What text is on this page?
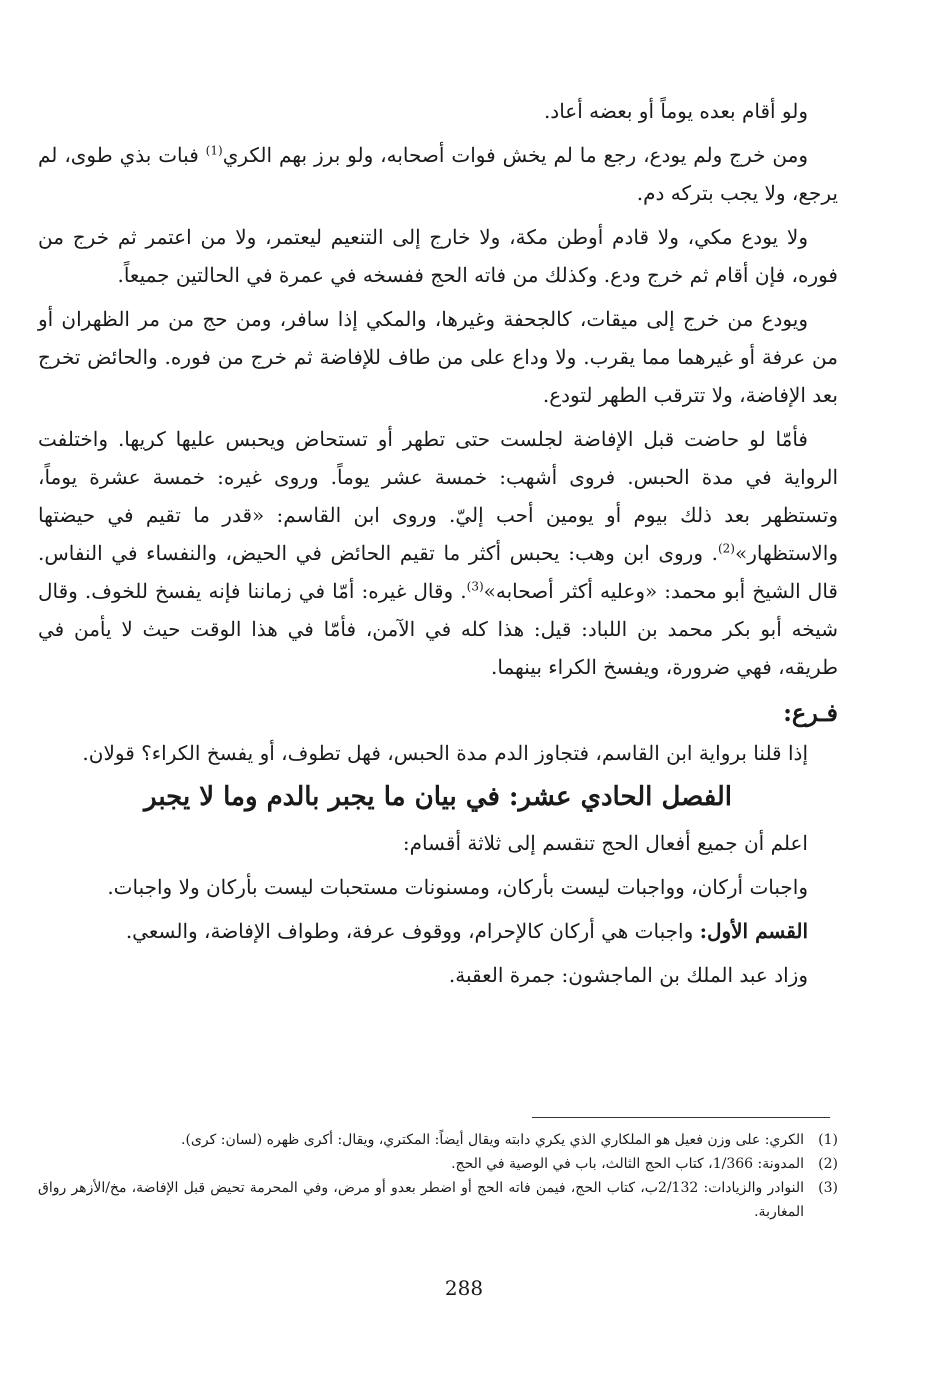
ولو أقام بعده يوماً أو بعضه أعاد.

ومن خرج ولم يودع، رجع ما لم يخش فوات أصحابه، ولو برز بهم الكري$^{(1)}$ فبات بذي طوى، لم يرجع، ولا يجب بتركه دم.

ولا يودع مكي، ولا قادم أوطن مكة، ولا خارج إلى التنعيم ليعتمر، ولا من اعتمر ثم خرج من فوره، فإن أقام ثم خرج ودع. وكذلك من فاته الحج ففسخه في عمرة في الحالتين جميعاً.

ويودع من خرج إلى ميقات، كالجحفة وغيرها، والمكي إذا سافر، ومن حج من مر الظهران أو من عرفة أو غيرهما مما يقرب. ولا وداع على من طاف للإفاضة ثم خرج من فوره. والحائض تخرج بعد الإفاضة، ولا تترقب الطهر لتودع.

فأمّا لو حاضت قبل الإفاضة لجلست حتى تطهر أو تستحاض ويحبس عليها كريها. واختلفت الرواية في مدة الحبس. فروى أشهب: خمسة عشر يوماً. وروى غيره: خمسة عشرة يوماً، وتستظهر بعد ذلك بيوم أو يومين أحب إليّ. وروى ابن القاسم: «قدر ما تقيم في حيضتها والاستظهار»$^{(2)}$. وروى ابن وهب: يحبس أكثر ما تقيم الحائض في الحيض، والنفساء في النفاس. قال الشيخ أبو محمد: «وعليه أكثر أصحابه»$^{(3)}$. وقال غيره: أمّا في زماننا فإنه يفسخ للخوف. وقال شيخه أبو بكر محمد بن اللباد: قيل: هذا كله في الآمن، فأمّا في هذا الوقت حيث لا يأمن في طريقه، فهي ضرورة، ويفسخ الكراء بينهما.

فـرع:

إذا قلنا برواية ابن القاسم، فتجاوز الدم مدة الحبس، فهل تطوف، أو يفسخ الكراء؟ قولان.

الفصل الحادي عشر: في بيان ما يجبر بالدم وما لا يجبر

اعلم أن جميع أفعال الحج تنقسم إلى ثلاثة أقسام:

واجبات أركان، وواجبات ليست بأركان، ومسنونات مستحبات ليست بأركان ولا واجبات.

القسم الأول: واجبات هي أركان كالإحرام، ووقوف عرفة، وطواف الإفاضة، والسعي.

وزاد عبد الملك بن الماجشون: جمرة العقبة.

(1)
الكري: على وزن فعيل هو الملكاري الذي يكري دابته ويقال أيضاً: المكتري، ويقال: أكرى ظهره (لسان: كرى).
(2)
المدونة: 1/366، كتاب الحج الثالث، باب في الوصية في الحج.
(3)
النوادر والزيادات: 2/132ب، كتاب الحج، فيمن فاته الحج أو اضطر بعدو أو مرض، وفي المحرمة تحيض قبل الإفاضة، مخ/الأزهر رواق المغاربة.
288
